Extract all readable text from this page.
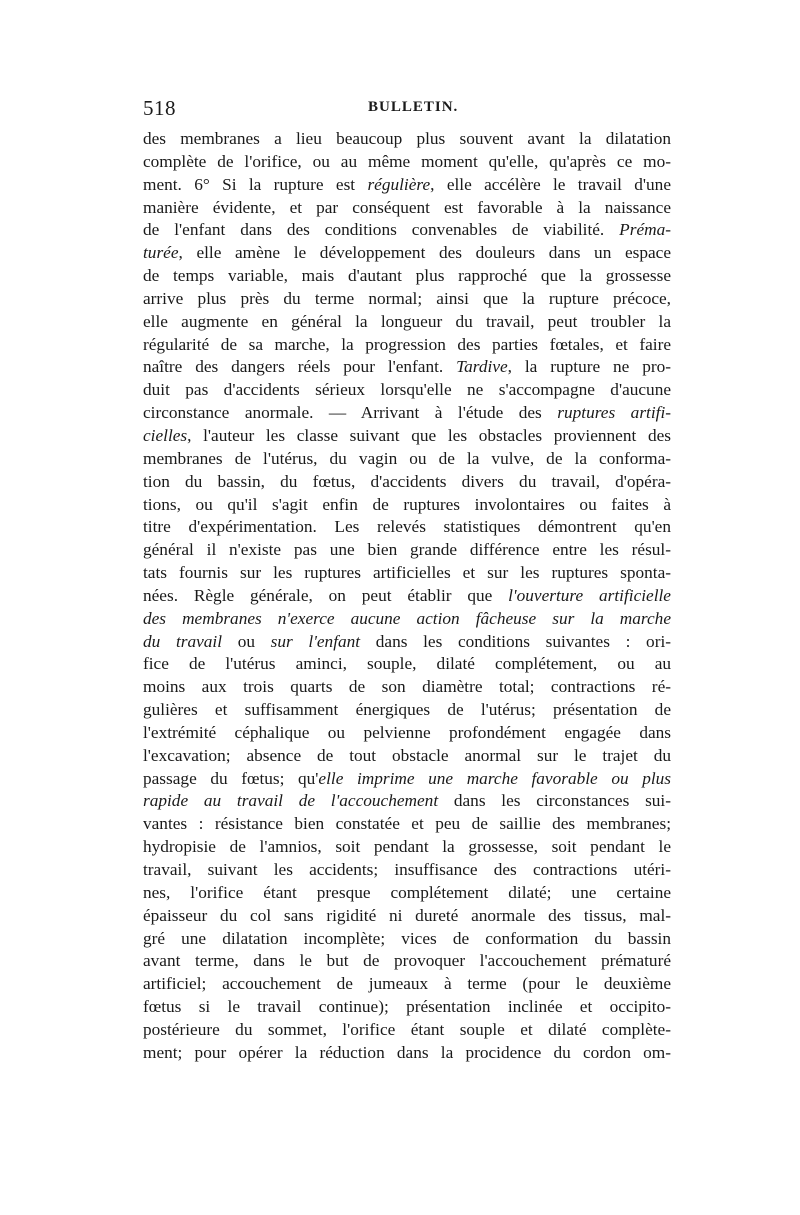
518	BULLETIN.
des membranes a lieu beaucoup plus souvent avant la dilatation
complète de l'orifice, ou au même moment qu'elle, qu'après ce mo-
ment. 6° Si la rupture est régulière, elle accélère le travail d'une
manière évidente, et par conséquent est favorable à la naissance
de l'enfant dans des conditions convenables de viabilité. Préma-
turée, elle amène le développement des douleurs dans un espace
de temps variable, mais d'autant plus rapproché que la grossesse
arrive plus près du terme normal; ainsi que la rupture précoce,
elle augmente en général la longueur du travail, peut troubler la
régularité de sa marche, la progression des parties fœtales, et faire
naître des dangers réels pour l'enfant. Tardive, la rupture ne pro-
duit pas d'accidents sérieux lorsqu'elle ne s'accompagne d'aucune
circonstance anormale. — Arrivant à l'étude des ruptures artifi-
cielles, l'auteur les classe suivant que les obstacles proviennent des
membranes de l'utérus, du vagin ou de la vulve, de la conforma-
tion du bassin, du fœtus, d'accidents divers du travail, d'opéra-
tions, ou qu'il s'agit enfin de ruptures involontaires ou faites à
titre d'expérimentation. Les relevés statistiques démontrent qu'en
général il n'existe pas une bien grande différence entre les résul-
tats fournis sur les ruptures artificielles et sur les ruptures sponta-
nées. Règle générale, on peut établir que l'ouverture artificielle
des membranes n'exerce aucune action fâcheuse sur la marche
du travail ou sur l'enfant dans les conditions suivantes : ori-
fice de l'utérus aminci, souple, dilaté complétement, ou au
moins aux trois quarts de son diamètre total; contractions ré-
gulières et suffisamment énergiques de l'utérus; présentation de
l'extrémité céphalique ou pelvienne profondément engagée dans
l'excavation; absence de tout obstacle anormal sur le trajet du
passage du fœtus; qu'elle imprime une marche favorable ou plus
rapide au travail de l'accouchement dans les circonstances sui-
vantes : résistance bien constatée et peu de saillie des membranes;
hydropisie de l'amnios, soit pendant la grossesse, soit pendant le
travail, suivant les accidents; insuffisance des contractions utéri-
nes, l'orifice étant presque complétement dilaté; une certaine
épaisseur du col sans rigidité ni dureté anormale des tissus, mal-
gré une dilatation incomplète; vices de conformation du bassin
avant terme, dans le but de provoquer l'accouchement prématuré
artificiel; accouchement de jumeaux à terme (pour le deuxième
fœtus si le travail continue); présentation inclinée et occipito-
postérieure du sommet, l'orifice étant souple et dilaté complète-
ment; pour opérer la réduction dans la procidence du cordon om-
